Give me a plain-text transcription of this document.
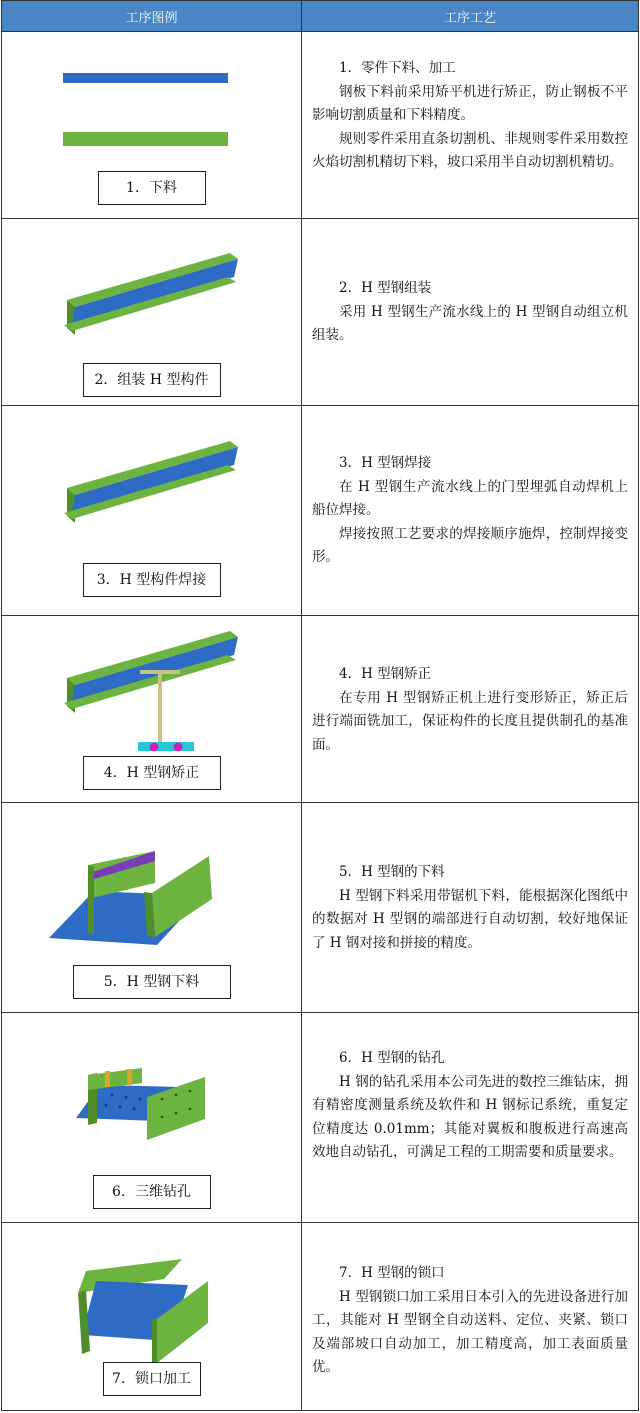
工序图例	工序工艺

1．下料	1．零件下料、加工

钢板下料前采用矫平机进行矫正，防止钢板不平影响切割质量和下料精度。

规则零件采用直条切割机、非规则零件采用数控火焰切割机精切下料，坡口采用半自动切割机精切。

2．组装 H 型构件	2．H 型钢组装

采用 H 型钢生产流水线上的 H 型钢自动组立机组装。

3．H 型构件焊接	3．H 型钢焊接

在 H 型钢生产流水线上的门型埋弧自动焊机上船位焊接。

焊接按照工艺要求的焊接顺序施焊，控制焊接变形。

4．H 型钢矫正	4．H 型钢矫正

在专用 H 型钢矫正机上进行变形矫正，矫正后进行端面铣加工，保证构件的长度且提供制孔的基准面。

5．H 型钢下料	5．H 型钢的下料

H 型钢下料采用带锯机下料，能根据深化图纸中的数据对 H 型钢的端部进行自动切割，较好地保证了 H 钢对接和拼接的精度。

6．三维钻孔	6．H 型钢的钻孔

H 钢的钻孔采用本公司先进的数控三维钻床，拥有精密度测量系统及软件和 H 钢标记系统，重复定位精度达 0.01mm；其能对翼板和腹板进行高速高效地自动钻孔，可满足工程的工期需要和质量要求。

7．锁口加工	7．H 型钢的锁口

H 型钢锁口加工采用日本引入的先进设备进行加工，其能对 H 型钢全自动送料、定位、夹紧、锁口及端部坡口自动加工，加工精度高，加工表面质量优。
